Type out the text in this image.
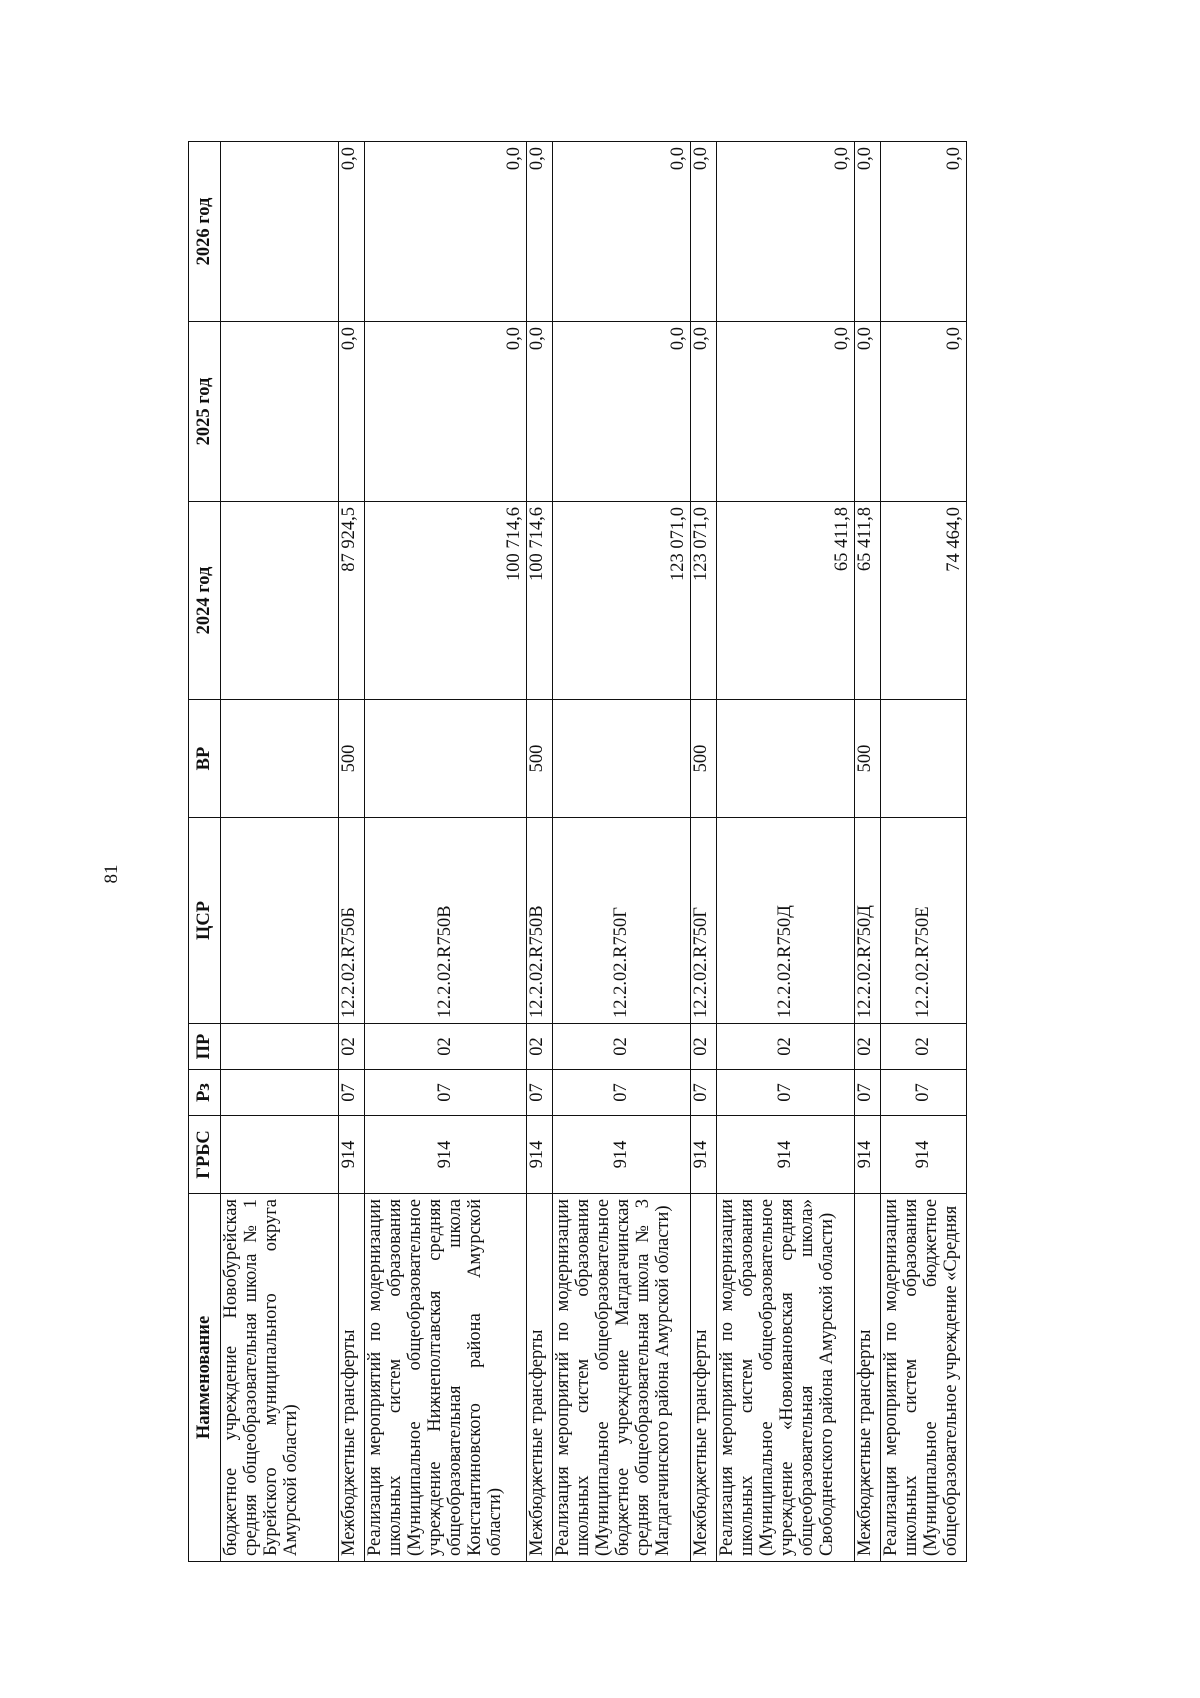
81
Наименование	ГРБС	Рз	ПР	ЦСР	ВР	2024 год	2025 год	2026 год
бюджетное учреждение Новобурейская средняя общеобразовательная школа № 1 Бурейского муниципального округа Амурской области)								
Межбюджетные трансферты	914	07	02	12.2.02.R750Б	500	87 924,5	0,0	0,0
Реализация мероприятий по модернизации школьных систем образования (Муниципальное общеобразовательное учреждение Нижнеполтавская средняя общеобразовательная школа Константиновского района Амурской области)	914	07	02	12.2.02.R750В		100 714,6	0,0	0,0
Межбюджетные трансферты	914	07	02	12.2.02.R750В	500	100 714,6	0,0	0,0
Реализация мероприятий по модернизации школьных систем образования (Муниципальное общеобразовательное бюджетное учреждение Магдагачинская средняя общеобразовательная школа № 3 Магдагачинского района Амурской области)	914	07	02	12.2.02.R750Г		123 071,0	0,0	0,0
Межбюджетные трансферты	914	07	02	12.2.02.R750Г	500	123 071,0	0,0	0,0
Реализация мероприятий по модернизации школьных систем образования (Муниципальное общеобразовательное учреждение «Новоивановская средняя общеобразовательная школа» Свободненского района Амурской области)	914	07	02	12.2.02.R750Д		65 411,8	0,0	0,0
Межбюджетные трансферты	914	07	02	12.2.02.R750Д	500	65 411,8	0,0	0,0
Реализация мероприятий по модернизации школьных систем образования (Муниципальное бюджетное общеобразовательное учреждение «Средняя	914	07	02	12.2.02.R750Е		74 464,0	0,0	0,0
